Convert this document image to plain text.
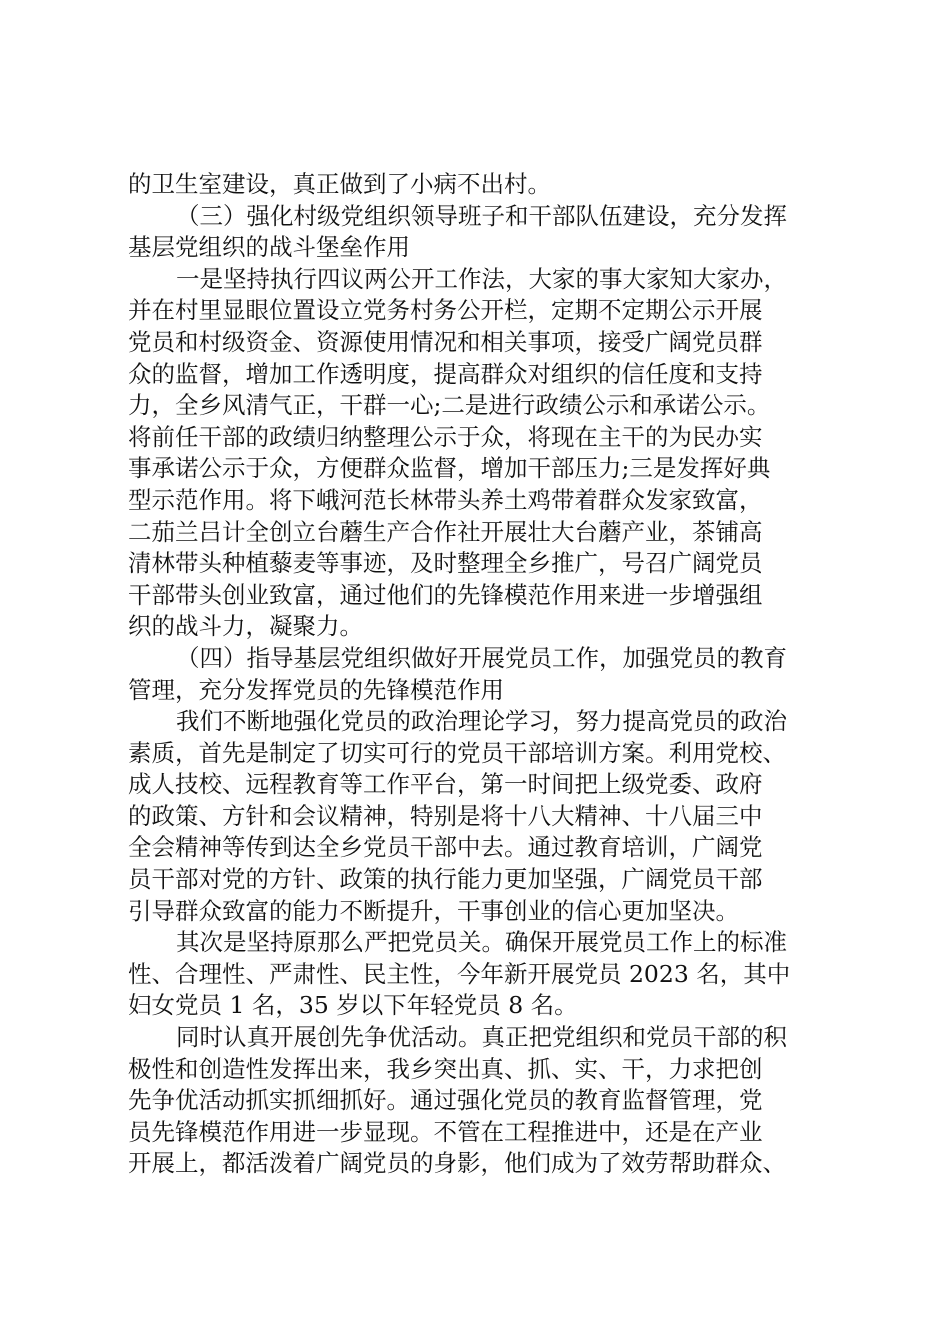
的卫生室建设，真正做到了小病不出村。
（三）强化村级党组织领导班子和干部队伍建设，充分发挥
基层党组织的战斗堡垒作用
一是坚持执行四议两公开工作法，大家的事大家知大家办，
并在村里显眼位置设立党务村务公开栏，定期不定期公示开展
党员和村级资金、资源使用情况和相关事项，接受广阔党员群
众的监督，增加工作透明度，提高群众对组织的信任度和支持
力，全乡风清气正，干群一心;二是进行政绩公示和承诺公示。
将前任干部的政绩归纳整理公示于众，将现在主干的为民办实
事承诺公示于众，方便群众监督，增加干部压力;三是发挥好典
型示范作用。将下峨河范长林带头养土鸡带着群众发家致富，
二茄兰吕计全创立台蘑生产合作社开展壮大台蘑产业，茶铺高
清林带头种植藜麦等事迹，及时整理全乡推广，号召广阔党员
干部带头创业致富，通过他们的先锋模范作用来进一步增强组
织的战斗力，凝聚力。
（四）指导基层党组织做好开展党员工作，加强党员的教育
管理，充分发挥党员的先锋模范作用
我们不断地强化党员的政治理论学习，努力提高党员的政治
素质，首先是制定了切实可行的党员干部培训方案。利用党校、
成人技校、远程教育等工作平台，第一时间把上级党委、政府
的政策、方针和会议精神，特别是将十八大精神、十八届三中
全会精神等传到达全乡党员干部中去。通过教育培训，广阔党
员干部对党的方针、政策的执行能力更加坚强，广阔党员干部
引导群众致富的能力不断提升，干事创业的信心更加坚决。
其次是坚持原那么严把党员关。确保开展党员工作上的标准
性、合理性、严肃性、民主性，今年新开展党员 2023 名，其中
妇女党员 1 名，35 岁以下年轻党员 8 名。
同时认真开展创先争优活动。真正把党组织和党员干部的积
极性和创造性发挥出来，我乡突出真、抓、实、干，力求把创
先争优活动抓实抓细抓好。通过强化党员的教育监督管理，党
员先锋模范作用进一步显现。不管在工程推进中，还是在产业
开展上，都活泼着广阔党员的身影，他们成为了效劳帮助群众、
